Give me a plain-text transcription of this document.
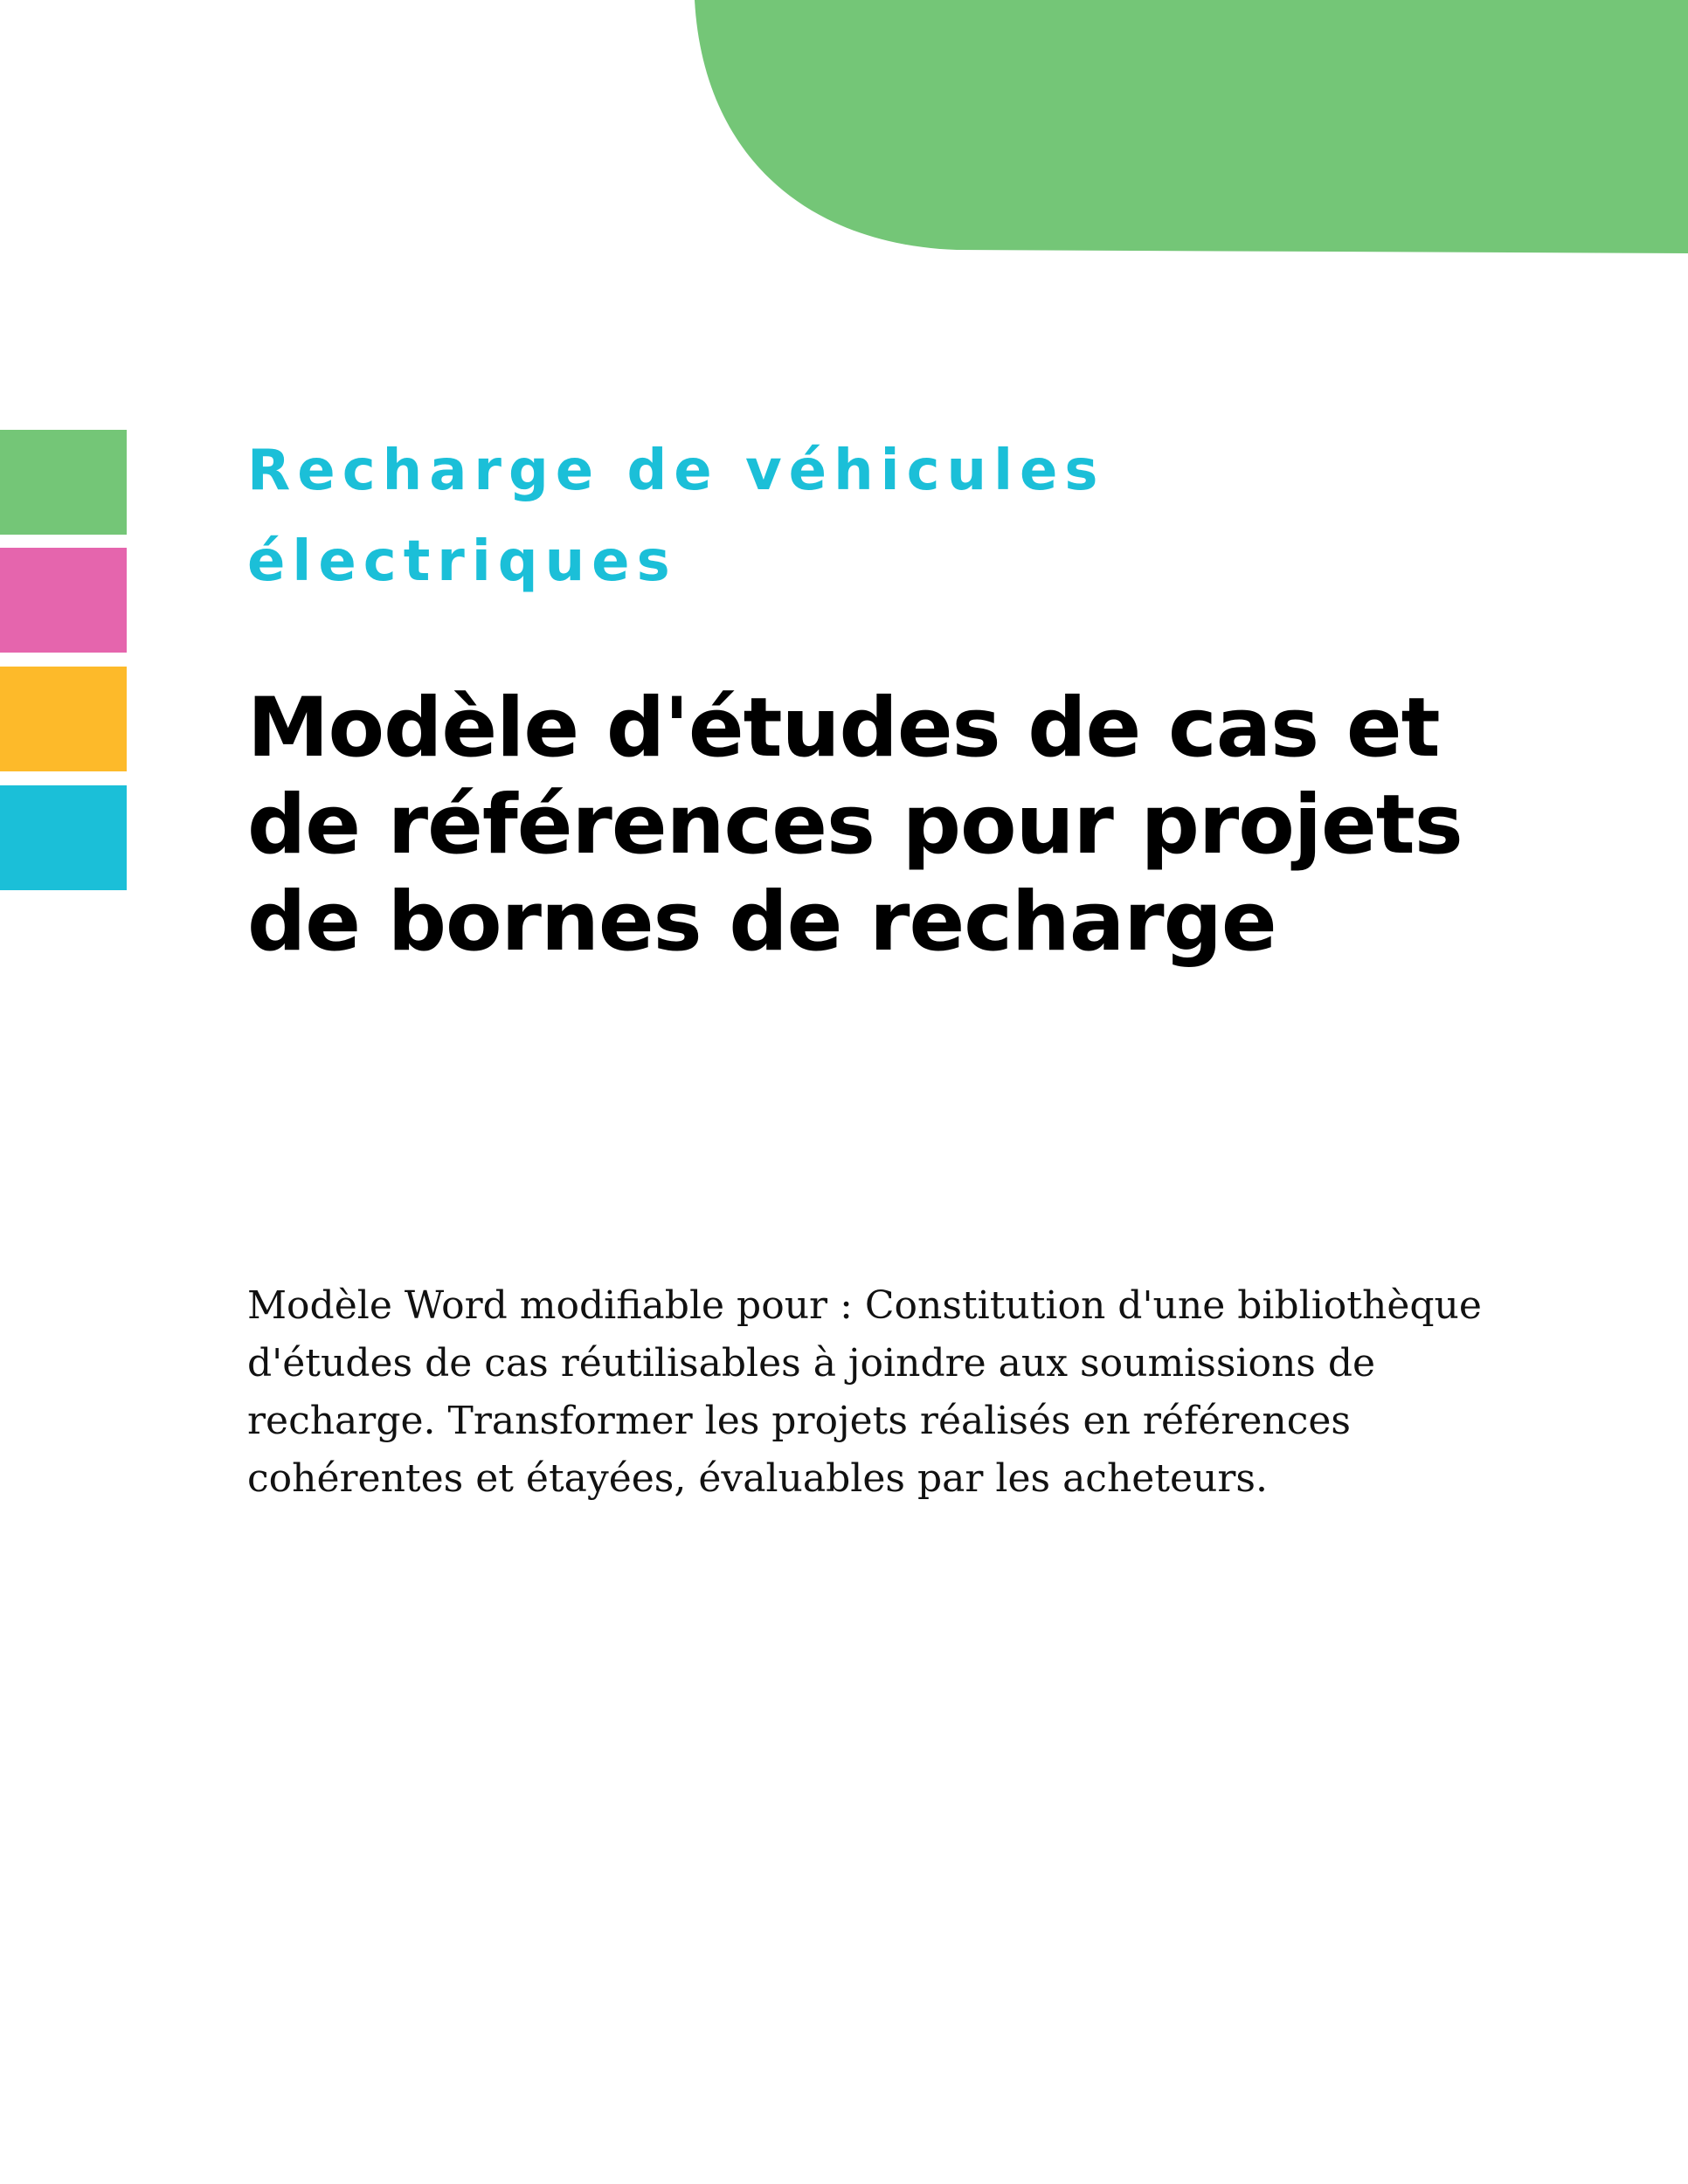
Recharge de véhicules
électriques
Modèle d'études de cas et
de références pour projets
de bornes de recharge

Modèle Word modifiable pour : Constitution d'une bibliothèque d'études de cas réutilisables à joindre aux soumissions de recharge. Transformer les projets réalisés en références cohérentes et étayées, évaluables par les acheteurs.
